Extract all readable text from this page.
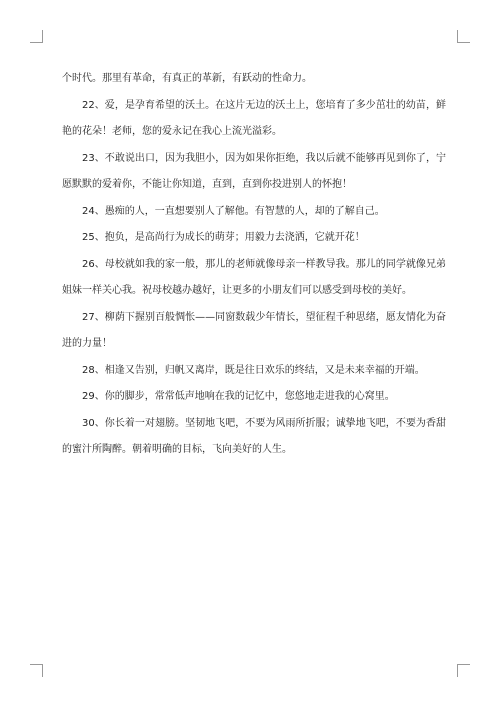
个时代。那里有革命，有真正的革新，有跃动的性命力。

22、爱，是孕育希望的沃土。在这片无边的沃土上，您培育了多少茁壮的幼苗，鲜艳的花朵！老师，您的爱永记在我心上流光溢彩。

23、不敢说出口，因为我胆小，因为如果你拒绝，我以后就不能够再见到你了，宁愿默默的爱着你，不能让你知道，直到，直到你投进别人的怀抱！

24、愚痴的人，一直想要别人了解他。有智慧的人，却的了解自己。

25、抱负，是高尚行为成长的萌芽；用毅力去浇洒，它就开花！

26、母校就如我的家一般，那儿的老师就像母亲一样教导我。那儿的同学就像兄弟姐妹一样关心我。祝母校越办越好，让更多的小朋友们可以感受到母校的美好。

27、柳荫下握别百般惆怅——同窗数载少年情长，望征程千种思绪，愿友情化为奋进的力量！

28、相逢又告别，归帆又离岸，既是往日欢乐的终结，又是未来幸福的开端。

29、你的脚步，常常低声地响在我的记忆中，您悠地走进我的心窝里。

30、你长着一对翅膀。坚韧地飞吧，不要为风雨所折服；诚挚地飞吧，不要为香甜的蜜汁所陶醉。朝着明确的目标，飞向美好的人生。
